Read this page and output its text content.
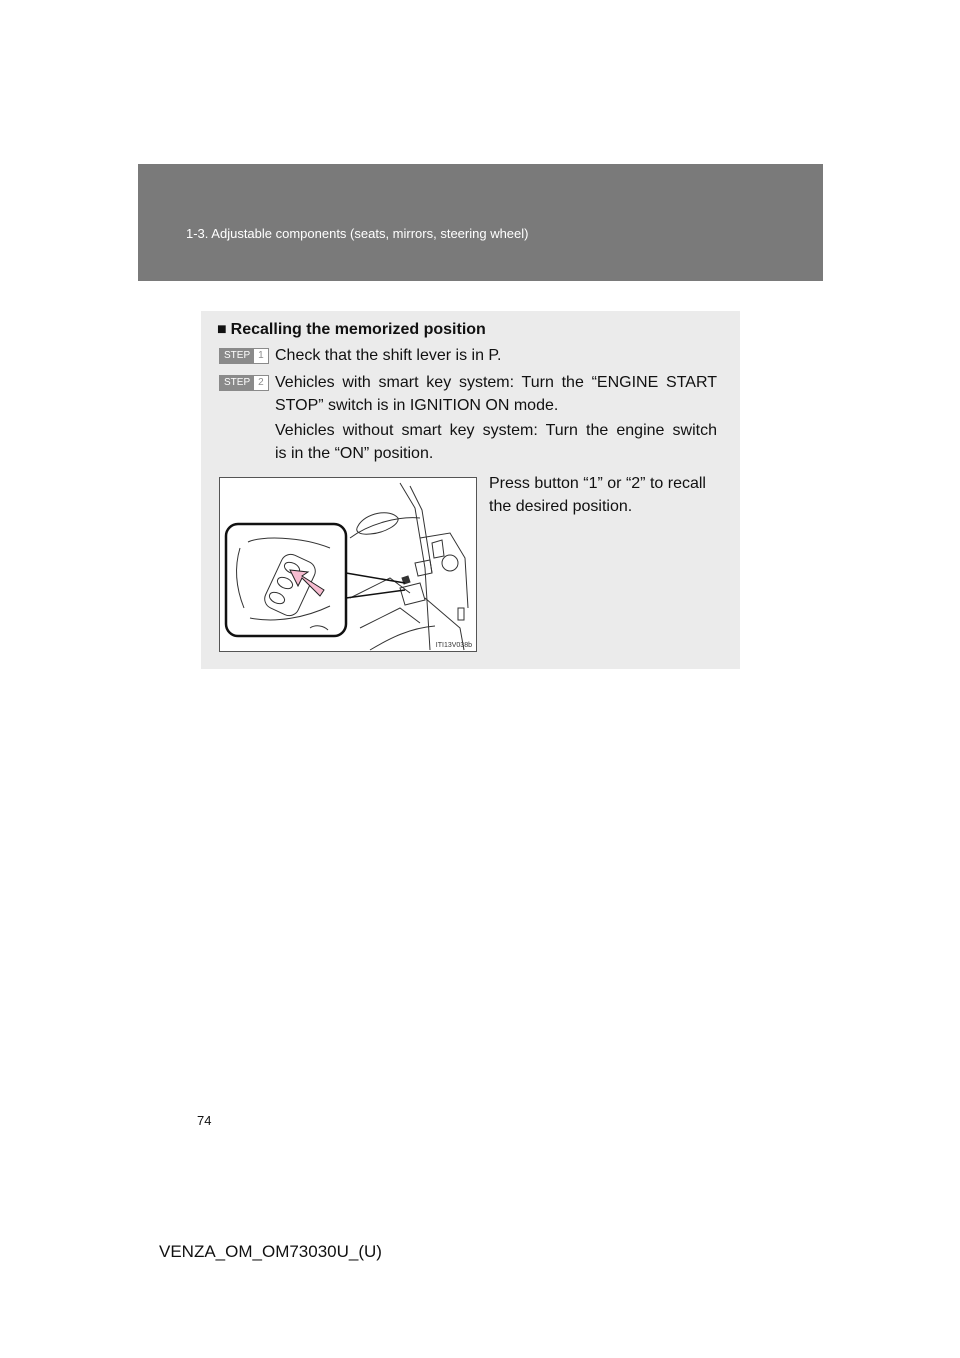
1-3. Adjustable components (seats, mirrors, steering wheel)
■ Recalling the memorized position
STEP 1 Check that the shift lever is in P.
STEP 2 Vehicles with smart key system: Turn the “ENGINE START
STOP” switch is in IGNITION ON mode.
Vehicles without smart key system: Turn the engine switch
is in the “ON” position.
Press button “1” or “2” to recall
the desired position.
ITI13V038b
74
VENZA_OM_OM73030U_(U)
